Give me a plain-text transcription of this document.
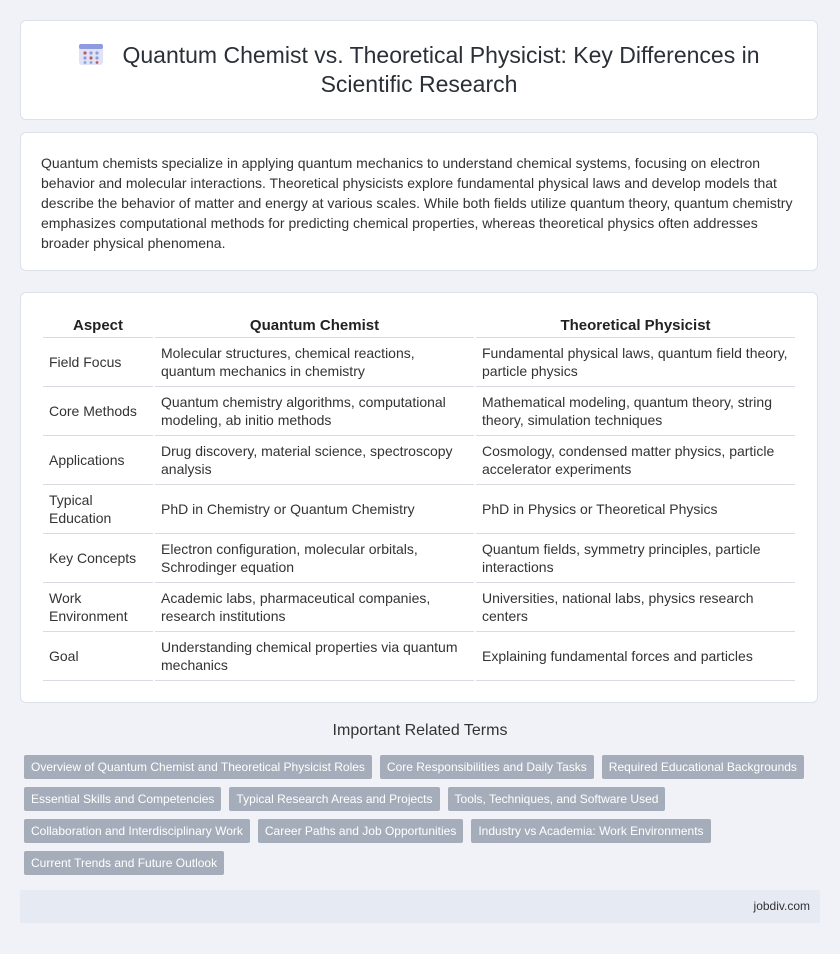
Quantum Chemist vs. Theoretical Physicist: Key Differences in Scientific Research

Quantum chemists specialize in applying quantum mechanics to understand chemical systems, focusing on electron behavior and molecular interactions. Theoretical physicists explore fundamental physical laws and develop models that describe the behavior of matter and energy at various scales. While both fields utilize quantum theory, quantum chemistry emphasizes computational methods for predicting chemical properties, whereas theoretical physics often addresses broader physical phenomena.

Aspect	Quantum Chemist	Theoretical Physicist
Field Focus	Molecular structures, chemical reactions, quantum mechanics in chemistry	Fundamental physical laws, quantum field theory, particle physics
Core Methods	Quantum chemistry algorithms, computational modeling, ab initio methods	Mathematical modeling, quantum theory, string theory, simulation techniques
Applications	Drug discovery, material science, spectroscopy analysis	Cosmology, condensed matter physics, particle accelerator experiments
Typical Education	PhD in Chemistry or Quantum Chemistry	PhD in Physics or Theoretical Physics
Key Concepts	Electron configuration, molecular orbitals, Schrodinger equation	Quantum fields, symmetry principles, particle interactions
Work Environment	Academic labs, pharmaceutical companies, research institutions	Universities, national labs, physics research centers
Goal	Understanding chemical properties via quantum mechanics	Explaining fundamental forces and particles
Important Related Terms
Overview of Quantum Chemist and Theoretical Physicist Roles	Core Responsibilities and Daily Tasks	Required Educational Backgrounds
Essential Skills and Competencies	Typical Research Areas and Projects	Tools, Techniques, and Software Used
Collaboration and Interdisciplinary Work	Career Paths and Job Opportunities	Industry vs Academia: Work Environments
Current Trends and Future Outlook
jobdiv.com
